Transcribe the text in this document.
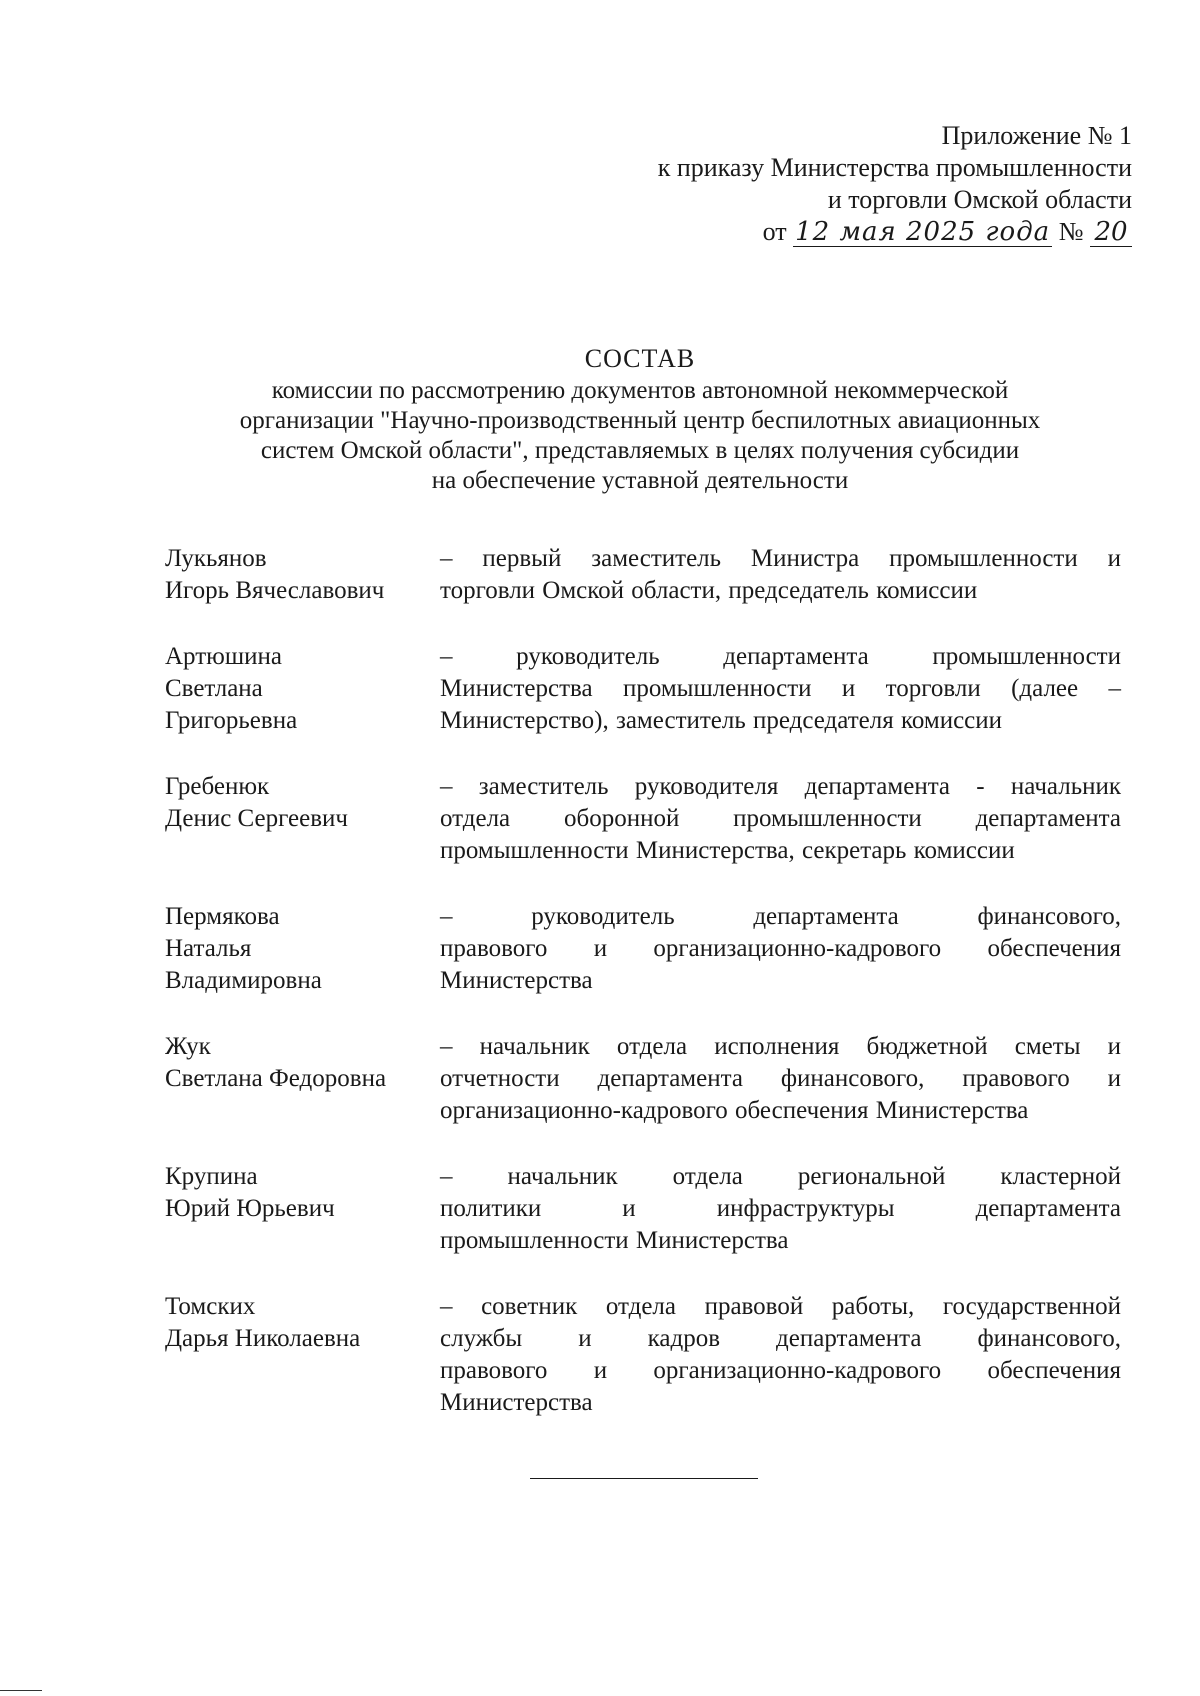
Приложение № 1
к приказу Министерства промышленности
и торговли Омской области
от 12 мая 2025 года № 20
СОСТАВ
комиссии по рассмотрению документов автономной некоммерческой
организации "Научно-производственный центр беспилотных авиационных
систем Омской области", представляемых в целях получения субсидии
на обеспечение уставной деятельности
Лукьянов
Игорь Вячеславович
– первый заместитель Министра промышленности и
торговли Омской области, председатель комиссии
Артюшина
Светлана
Григорьевна
– руководитель департамента промышленности
Министерства промышленности и торговли (далее –
Министерство), заместитель председателя комиссии
Гребенюк
Денис Сергеевич
– заместитель руководителя департамента - начальник
отдела оборонной промышленности департамента
промышленности Министерства, секретарь комиссии
Пермякова
Наталья
Владимировна
– руководитель департамента финансового,
правового и организационно-кадрового обеспечения
Министерства
Жук
Светлана Федоровна
– начальник отдела исполнения бюджетной сметы и
отчетности департамента финансового, правового и
организационно-кадрового обеспечения Министерства
Крупина
Юрий Юрьевич
– начальник отдела региональной кластерной
политики и инфраструктуры департамента
промышленности Министерства
Томских
Дарья Николаевна
– советник отдела правовой работы, государственной
службы и кадров департамента финансового,
правового и организационно-кадрового обеспечения
Министерства
